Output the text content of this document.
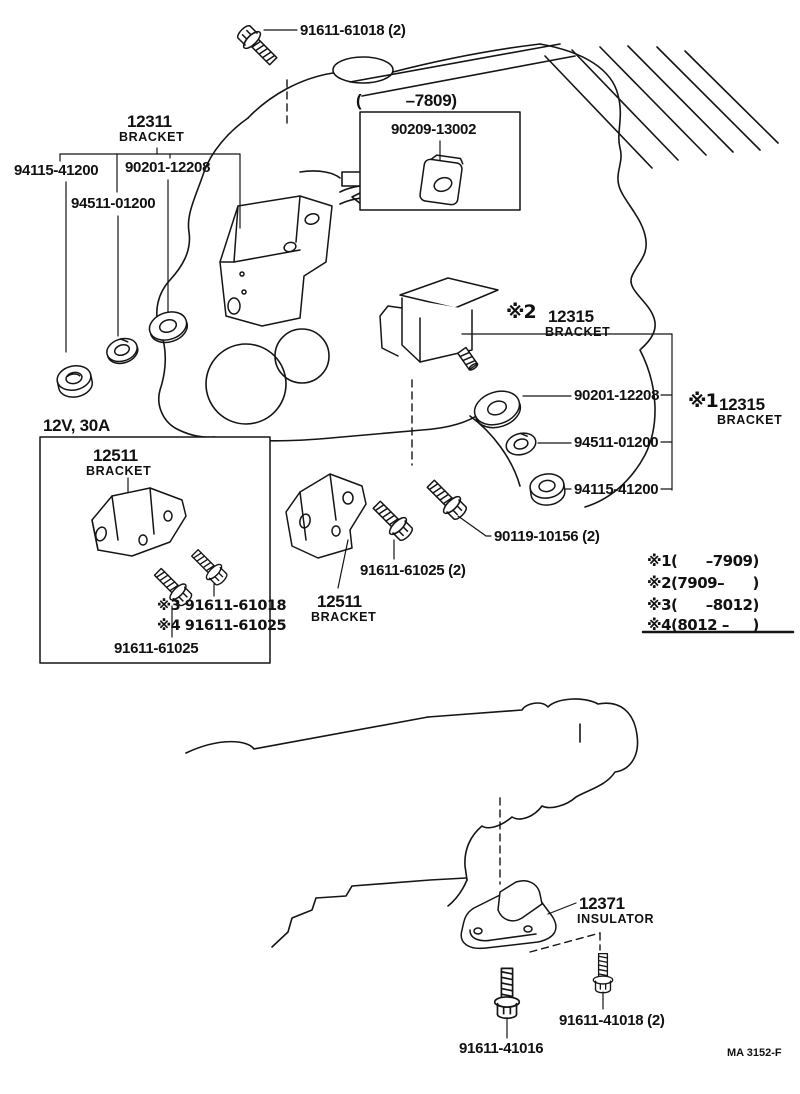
91611-61018 (2)
(          –7809)
90209-13002
12311
BRACKET
94115-41200 90201-12208
94511-01200
※2 12315
BRACKET
90201-12208 ※1 12315
BRACKET
94511-01200
94115-41200
90119-10156 (2)
12V, 30A
12511
BRACKET
※3 91611-61018
※4 91611-61025
91611-61025
91611-61025 (2)
12511
BRACKET
※1(      –7909)
※2(7909–      )
※3(      –8012)
※4(8012 –     )
12371
INSULATOR
91611-41018 (2)
91611-41016	MA 3152-F
